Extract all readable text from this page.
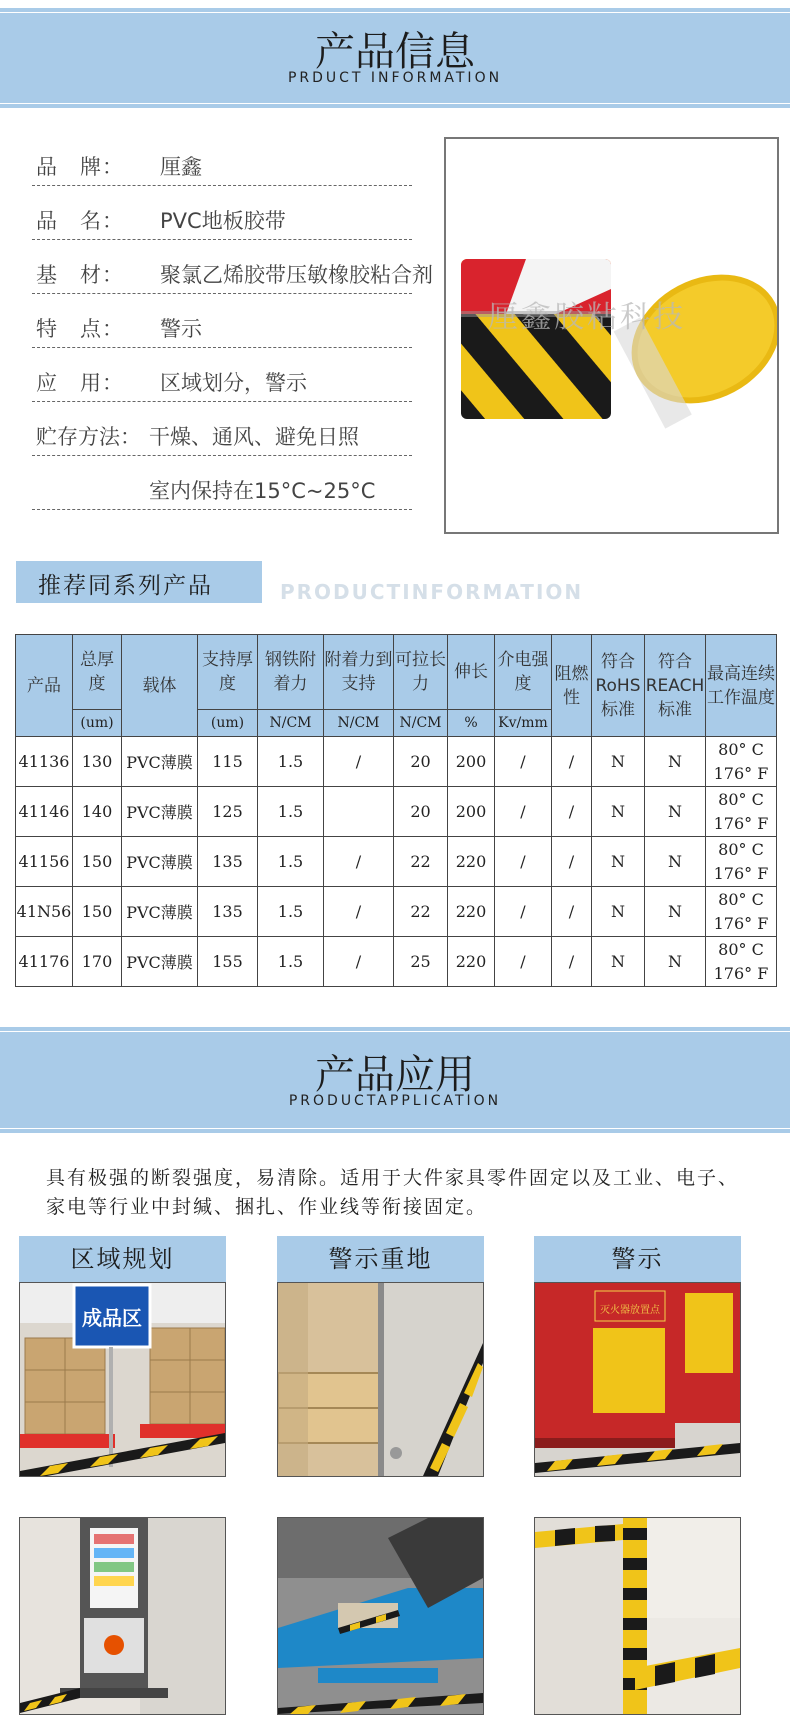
产品信息
PRDUCT INFORMATION
品　牌： 厘鑫
品　名： PVC地板胶带
基　材： 聚氯乙烯胶带压敏橡胶粘合剂
特　点： 警示
应　用： 区域划分，警示
贮存方法： 干燥、通风、避免日照
室内保持在15°C~25°C
厘鑫胶粘科技
推荐同系列产品	PRODUCTINFORMATION
产品	总厚度	载体	支持厚度	钢铁附着力	附着力到支持	可拉长力	伸长	介电强度	阻燃性	符合RoHS标准	符合REACH标准	最高连续工作温度
	(um)		(um)	N/CM	N/CM	N/CM	%	Kv/mm				
41136	130	PVC薄膜	115	1.5	/	20	200	/	/	N	N	80° C
176° F

41146	140	PVC薄膜	125	1.5		20	200	/	/	N	N	80° C
176° F

41156	150	PVC薄膜	135	1.5	/	22	220	/	/	N	N	80° C
176° F

41N56	150	PVC薄膜	135	1.5	/	22	220	/	/	N	N	80° C
176° F

41176	170	PVC薄膜	155	1.5	/	25	220	/	/	N	N	80° C
176° F
产品应用
PRODUCTAPPLICATION
具有极强的断裂强度，易清除。适用于大件家具零件固定以及工业、电子、家电等行业中封缄、捆扎、作业线等衔接固定。
区域规划	警示重地	警示
成品区	灭火器放置点
